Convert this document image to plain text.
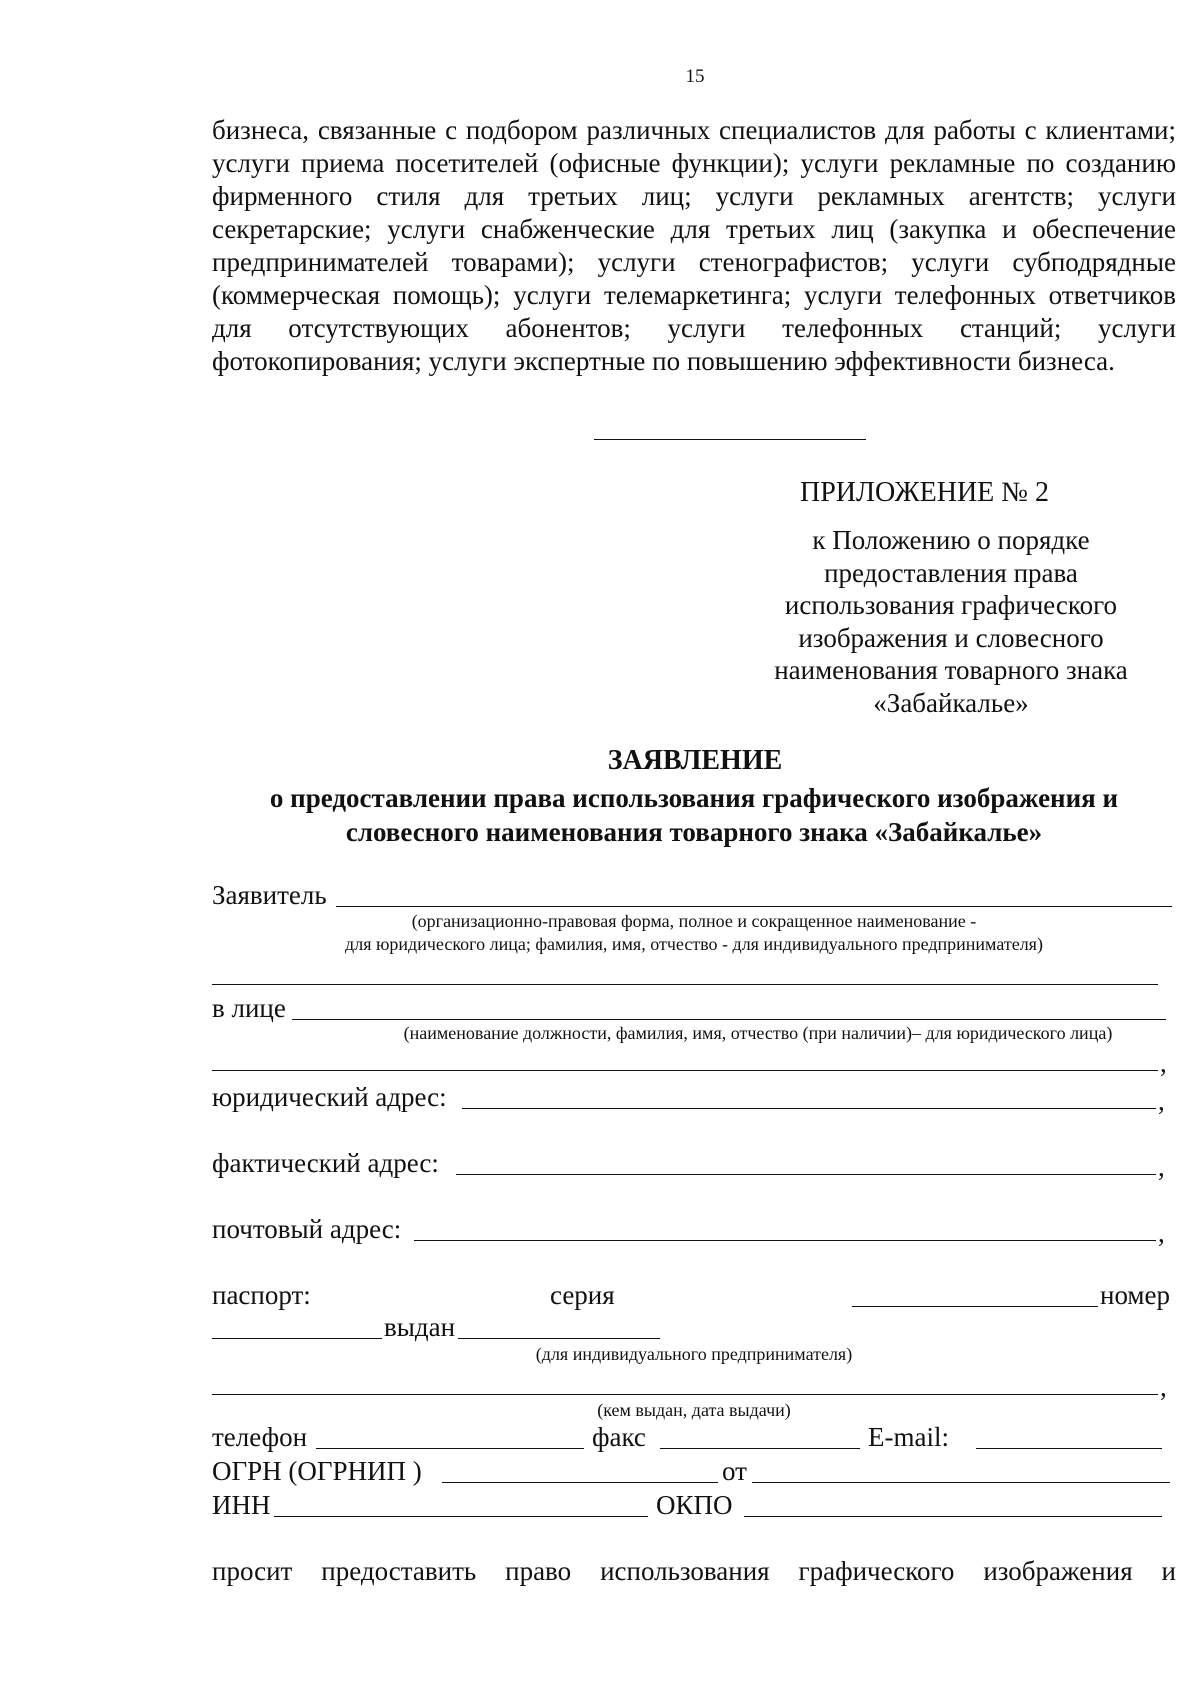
15
бизнеса, связанные с подбором различных специалистов для работы с клиентами; услуги приема посетителей (офисные функции); услуги рекламные по созданию фирменного стиля для третьих лиц; услуги рекламных агентств; услуги секретарские; услуги снабженческие для третьих лиц (закупка и обеспечение предпринимателей товарами); услуги стенографистов; услуги субподрядные (коммерческая помощь); услуги телемаркетинга; услуги телефонных ответчиков для отсутствующих абонентов; услуги телефонных станций; услуги фотокопирования; услуги экспертные по повышению эффективности бизнеса.
ПРИЛОЖЕНИЕ № 2
к Положению о порядке предоставления права использования графического изображения и словесного наименования товарного знака «Забайкалье»
ЗАЯВЛЕНИЕ
о предоставлении права использования графического изображения и словесного наименования товарного знака «Забайкалье»
Заявитель
(организационно-правовая форма, полное и сокращенное наименование -
для юридического лица; фамилия, имя, отчество - для индивидуального предпринимателя)
в лице
(наименование должности, фамилия, имя, отчество (при наличии)– для юридического лица)
,
юридический адрес:	,
фактический адрес:	,
почтовый адрес:	,
паспорт:	серия	номер
выдан
(для индивидуального предпринимателя)
,
(кем выдан, дата выдачи)
телефон	факс	E-mail:
ОГРН (ОГРНИП )	от
ИНН	ОКПО
просит предоставить право использования графического изображения и
